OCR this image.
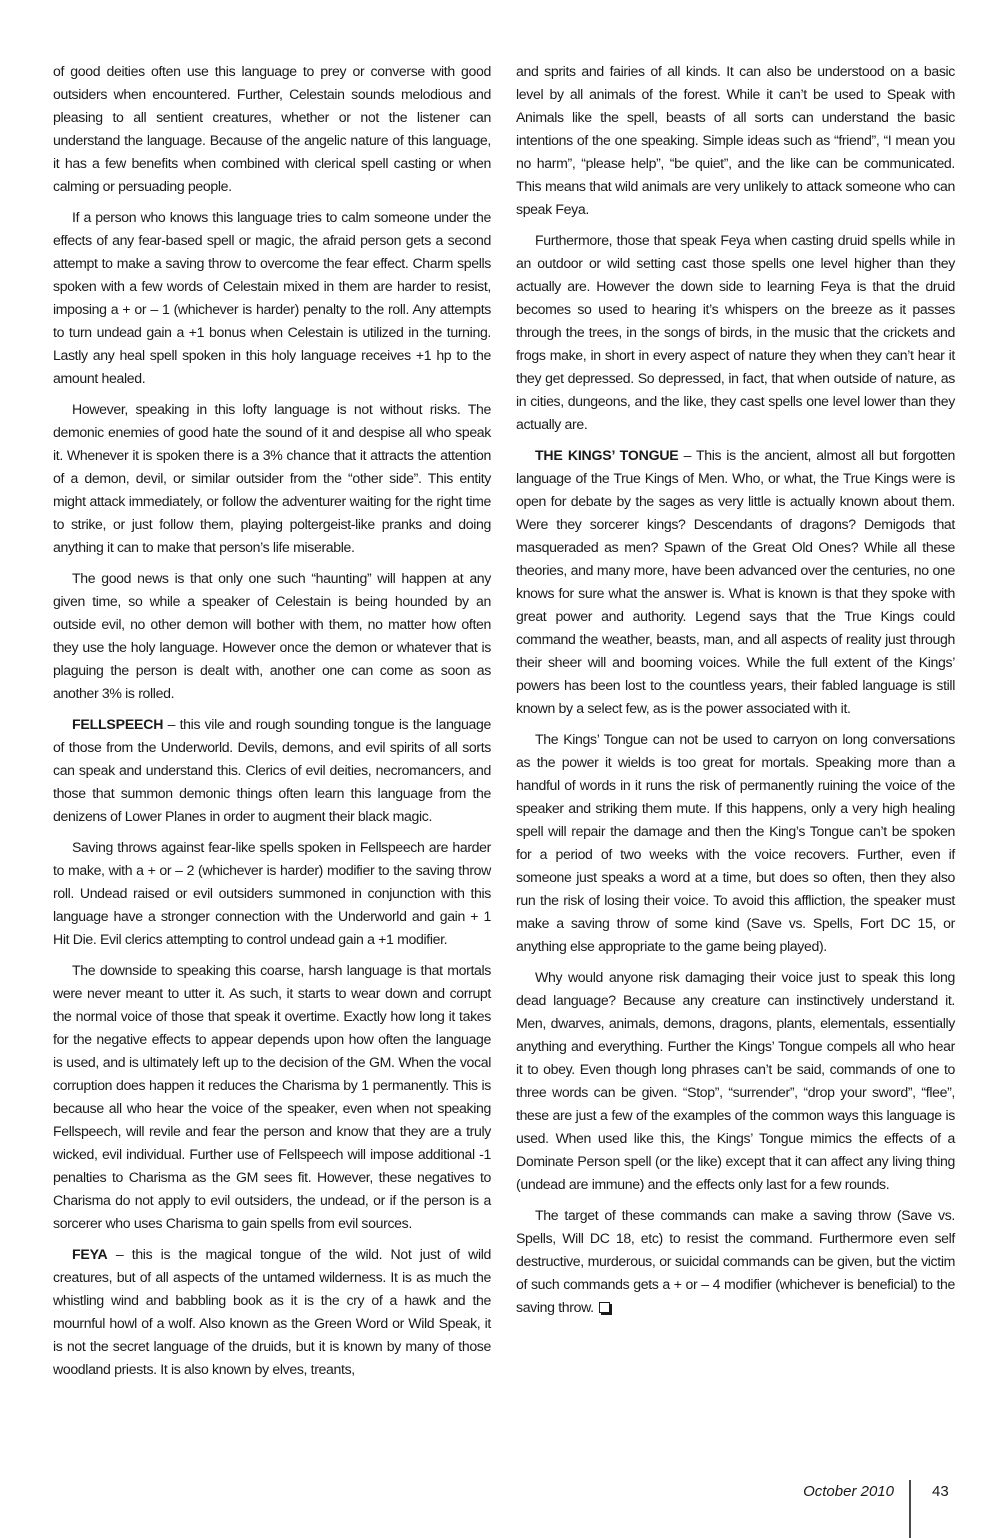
of good deities often use this language to prey or converse with good outsiders when encountered. Further, Celestain sounds melodious and pleasing to all sentient creatures, whether or not the listener can understand the language. Because of the angelic nature of this language, it has a few benefits when combined with clerical spell casting or when calming or persuading people.

If a person who knows this language tries to calm someone under the effects of any fear-based spell or magic, the afraid person gets a second attempt to make a saving throw to overcome the fear effect. Charm spells spoken with a few words of Celestain mixed in them are harder to resist, imposing a + or – 1 (whichever is harder) penalty to the roll. Any attempts to turn undead gain a +1 bonus when Celestain is utilized in the turning. Lastly any heal spell spoken in this holy language receives +1 hp to the amount healed.

However, speaking in this lofty language is not without risks. The demonic enemies of good hate the sound of it and despise all who speak it. Whenever it is spoken there is a 3% chance that it attracts the attention of a demon, devil, or similar outsider from the “other side”. This entity might attack immediately, or follow the adventurer waiting for the right time to strike, or just follow them, playing poltergeist-like pranks and doing anything it can to make that person’s life miserable.

The good news is that only one such “haunting” will happen at any given time, so while a speaker of Celestain is being hounded by an outside evil, no other demon will bother with them, no matter how often they use the holy language. However once the demon or whatever that is plaguing the person is dealt with, another one can come as soon as another 3% is rolled.

FELLSPEECH – this vile and rough sounding tongue is the language of those from the Underworld. Devils, demons, and evil spirits of all sorts can speak and understand this. Clerics of evil deities, necromancers, and those that summon demonic things often learn this language from the denizens of Lower Planes in order to augment their black magic.

Saving throws against fear-like spells spoken in Fellspeech are harder to make, with a + or – 2 (whichever is harder) modifier to the saving throw roll. Undead raised or evil outsiders summoned in conjunction with this language have a stronger connection with the Underworld and gain + 1 Hit Die. Evil clerics attempting to control undead gain a +1 modifier.

The downside to speaking this coarse, harsh language is that mortals were never meant to utter it. As such, it starts to wear down and corrupt the normal voice of those that speak it overtime. Exactly how long it takes for the negative effects to appear depends upon how often the language is used, and is ultimately left up to the decision of the GM. When the vocal corruption does happen it reduces the Charisma by 1 permanently. This is because all who hear the voice of the speaker, even when not speaking Fellspeech, will revile and fear the person and know that they are a truly wicked, evil individual. Further use of Fellspeech will impose additional -1 penalties to Charisma as the GM sees fit. However, these negatives to Charisma do not apply to evil outsiders, the undead, or if the person is a sorcerer who uses Charisma to gain spells from evil sources.

FEYA – this is the magical tongue of the wild. Not just of wild creatures, but of all aspects of the untamed wilderness. It is as much the whistling wind and babbling book as it is the cry of a hawk and the mournful howl of a wolf. Also known as the Green Word or Wild Speak, it is not the secret language of the druids, but it is known by many of those woodland priests. It is also known by elves, treants,

and sprits and fairies of all kinds. It can also be understood on a basic level by all animals of the forest. While it can’t be used to Speak with Animals like the spell, beasts of all sorts can understand the basic intentions of the one speaking. Simple ideas such as “friend”, “I mean you no harm”, “please help”, “be quiet”, and the like can be communicated. This means that wild animals are very unlikely to attack someone who can speak Feya.

Furthermore, those that speak Feya when casting druid spells while in an outdoor or wild setting cast those spells one level higher than they actually are. However the down side to learning Feya is that the druid becomes so used to hearing it’s whispers on the breeze as it passes through the trees, in the songs of birds, in the music that the crickets and frogs make, in short in every aspect of nature they when they can’t hear it they get depressed. So depressed, in fact, that when outside of nature, as in cities, dungeons, and the like, they cast spells one level lower than they actually are.

THE KINGS’ TONGUE – This is the ancient, almost all but forgotten language of the True Kings of Men. Who, or what, the True Kings were is open for debate by the sages as very little is actually known about them. Were they sorcerer kings? Descendants of dragons? Demigods that masqueraded as men? Spawn of the Great Old Ones? While all these theories, and many more, have been advanced over the centuries, no one knows for sure what the answer is. What is known is that they spoke with great power and authority. Legend says that the True Kings could command the weather, beasts, man, and all aspects of reality just through their sheer will and booming voices. While the full extent of the Kings’ powers has been lost to the countless years, their fabled language is still known by a select few, as is the power associated with it.

The Kings’ Tongue can not be used to carryon on long conversations as the power it wields is too great for mortals. Speaking more than a handful of words in it runs the risk of permanently ruining the voice of the speaker and striking them mute. If this happens, only a very high healing spell will repair the damage and then the King’s Tongue can’t be spoken for a period of two weeks with the voice recovers. Further, even if someone just speaks a word at a time, but does so often, then they also run the risk of losing their voice. To avoid this affliction, the speaker must make a saving throw of some kind (Save vs. Spells, Fort DC 15, or anything else appropriate to the game being played).

Why would anyone risk damaging their voice just to speak this long dead language? Because any creature can instinctively understand it. Men, dwarves, animals, demons, dragons, plants, elementals, essentially anything and everything. Further the Kings’ Tongue compels all who hear it to obey. Even though long phrases can’t be said, commands of one to three words can be given. “Stop”, “surrender”, “drop your sword”, “flee”, these are just a few of the examples of the common ways this language is used. When used like this, the Kings’ Tongue mimics the effects of a Dominate Person spell (or the like) except that it can affect any living thing (undead are immune) and the effects only last for a few rounds.

The target of these commands can make a saving throw (Save vs. Spells, Will DC 18, etc) to resist the command. Furthermore even self destructive, murderous, or suicidal commands can be given, but the victim of such commands gets a + or – 4 modifier (whichever is beneficial) to the saving throw.

October 2010	43
